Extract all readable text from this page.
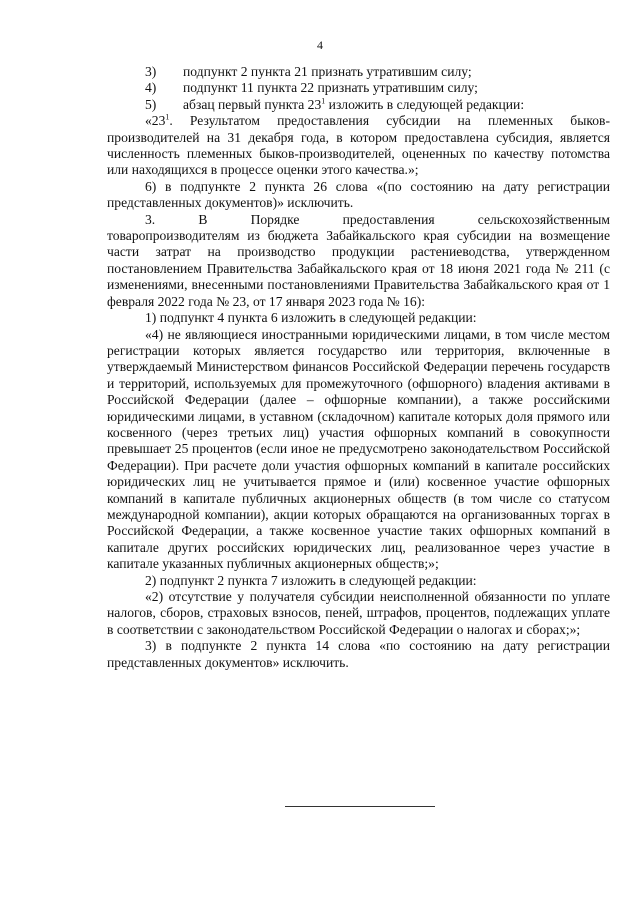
4
3)	подпункт 2 пункта 21 признать утратившим силу;
4)	подпункт 11 пункта 22 признать утратившим силу;
5)	абзац первый пункта $23^1$ изложить в следующей редакции:

«$23^1$. Результатом предоставления субсидии на племенных быков-производителей на 31 декабря года, в котором предоставлена субсидия, является численность племенных быков-производителей, оцененных по качеству потомства или находящихся в процессе оценки этого качества.»;

6) в подпункте 2 пункта 26 слова «(по состоянию на дату регистрации представленных документов)» исключить.

3. В Порядке предоставления сельскохозяйственным

товаропроизводителям из бюджета Забайкальского края субсидии на возмещение части затрат на производство продукции растениеводства, утвержденном постановлением Правительства Забайкальского края от 18 июня 2021 года № 211 (с изменениями, внесенными постановлениями Правительства Забайкальского края от 1 февраля 2022 года № 23, от 17 января 2023 года № 16):

1) подпункт 4 пункта 6 изложить в следующей редакции:

«4) не являющиеся иностранными юридическими лицами, в том числе местом регистрации которых является государство или территория, включенные в утверждаемый Министерством финансов Российской Федерации перечень государств и территорий, используемых для промежуточного (офшорного) владения активами в Российской Федерации (далее – офшорные компании), а также российскими юридическими лицами, в уставном (складочном) капитале которых доля прямого или косвенного (через третьих лиц) участия офшорных компаний в совокупности превышает 25 процентов (если иное не предусмотрено законодательством Российской Федерации). При расчете доли участия офшорных компаний в капитале российских юридических лиц не учитывается прямое и (или) косвенное участие офшорных компаний в капитале публичных акционерных обществ (в том числе со статусом международной компании), акции которых обращаются на организованных торгах в Российской Федерации, а также косвенное участие таких офшорных компаний в капитале других российских юридических лиц, реализованное через участие в капитале указанных публичных акционерных обществ;»;

2) подпункт 2 пункта 7 изложить в следующей редакции:

«2) отсутствие у получателя субсидии неисполненной обязанности по уплате налогов, сборов, страховых взносов, пеней, штрафов, процентов, подлежащих уплате в соответствии с законодательством Российской Федерации о налогах и сборах;»;

3) в подпункте 2 пункта 14 слова «по состоянию на дату регистрации представленных документов» исключить.
